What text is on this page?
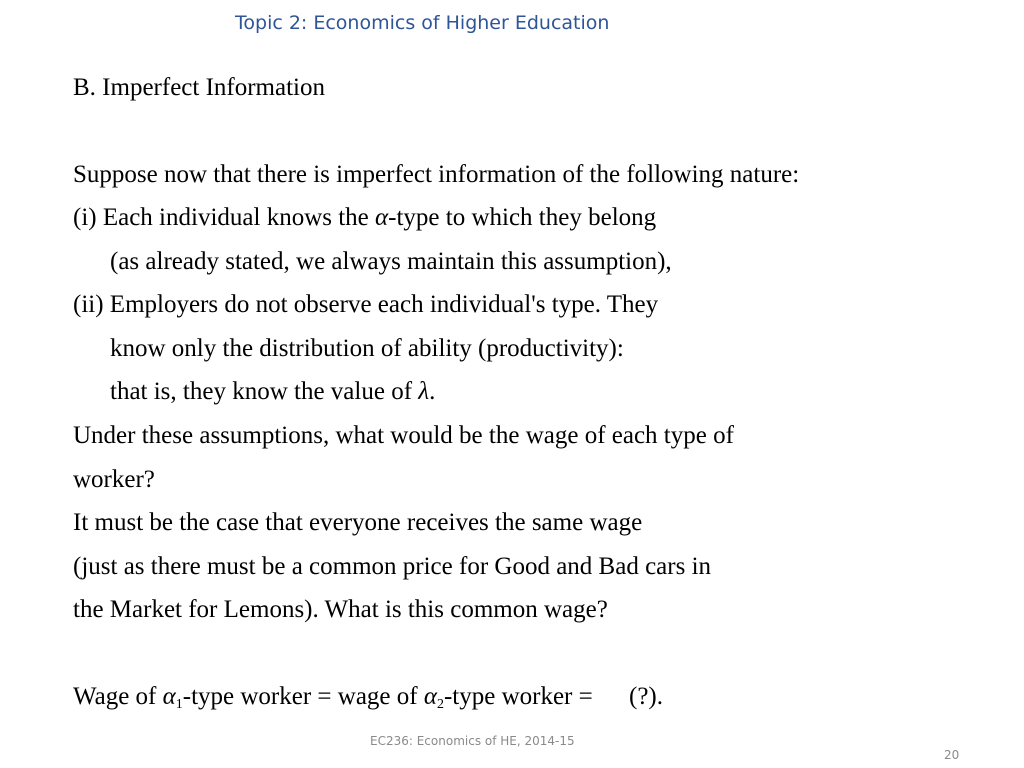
Topic 2: Economics of Higher Education
B. Imperfect Information
Suppose now that there is imperfect information of the following nature:
(i) Each individual knows the α-type to which they belong
(as already stated, we always maintain this assumption),
(ii) Employers do not observe each individual's type. They
know only the distribution of ability (productivity):
that is, they know the value of λ.
Under these assumptions, what would be the wage of each type of
worker?
It must be the case that everyone receives the same wage
(just as there must be a common price for Good and Bad cars in
the Market for Lemons). What is this common wage?
Wage of $\alpha_1$-type worker = wage of $\alpha_2$-type worker = (?).
20
EC236: Economics of HE, 2014-15
